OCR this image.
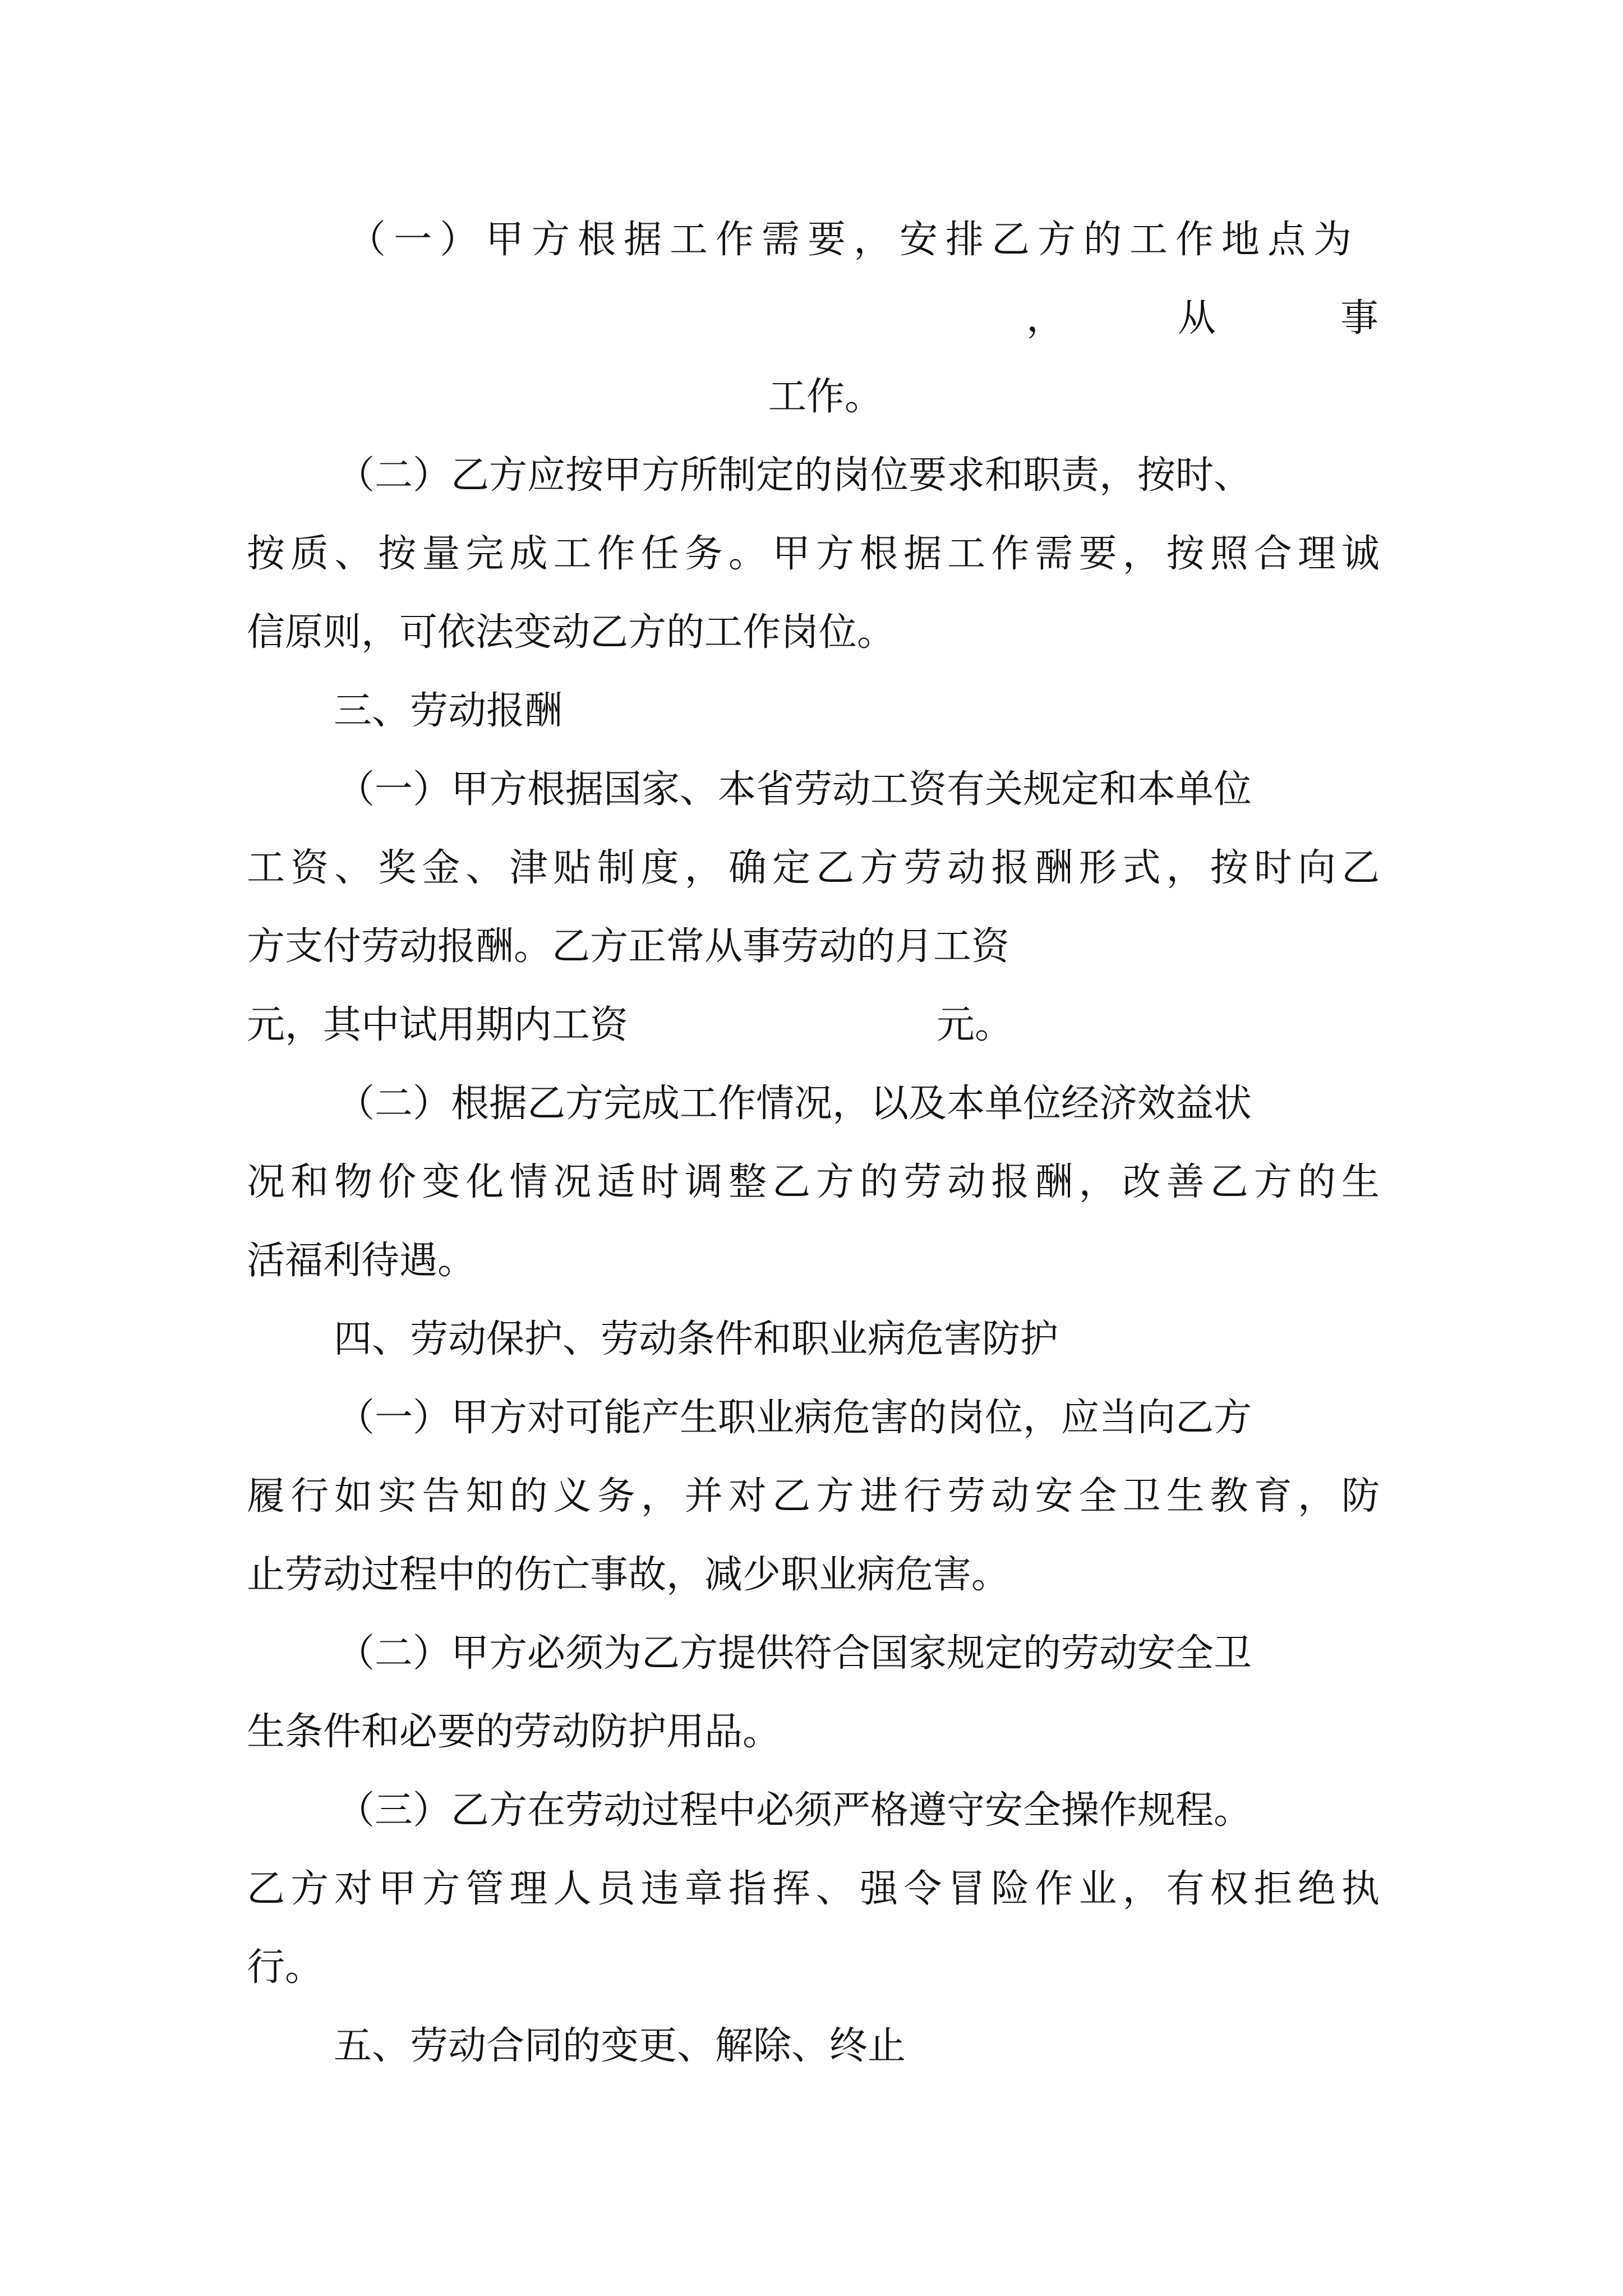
（一）甲方根据工作需要，安排乙方的工作地点为
，	从	事
工作。
（二）乙方应按甲方所制定的岗位要求和职责，按时、
按质、按量完成工作任务。甲方根据工作需要，按照合理诚
信原则，可依法变动乙方的工作岗位。
三、劳动报酬
（一）甲方根据国家、本省劳动工资有关规定和本单位
工资、奖金、津贴制度，确定乙方劳动报酬形式，按时向乙
方支付劳动报酬。乙方正常从事劳动的月工资
元，其中试用期内工资	元。
（二）根据乙方完成工作情况，以及本单位经济效益状
况和物价变化情况适时调整乙方的劳动报酬，改善乙方的生
活福利待遇。
四、劳动保护、劳动条件和职业病危害防护
（一）甲方对可能产生职业病危害的岗位，应当向乙方
履行如实告知的义务，并对乙方进行劳动安全卫生教育，防
止劳动过程中的伤亡事故，减少职业病危害。
（二）甲方必须为乙方提供符合国家规定的劳动安全卫
生条件和必要的劳动防护用品。
（三）乙方在劳动过程中必须严格遵守安全操作规程。
乙方对甲方管理人员违章指挥、强令冒险作业，有权拒绝执
行。
五、劳动合同的变更、解除、终止
